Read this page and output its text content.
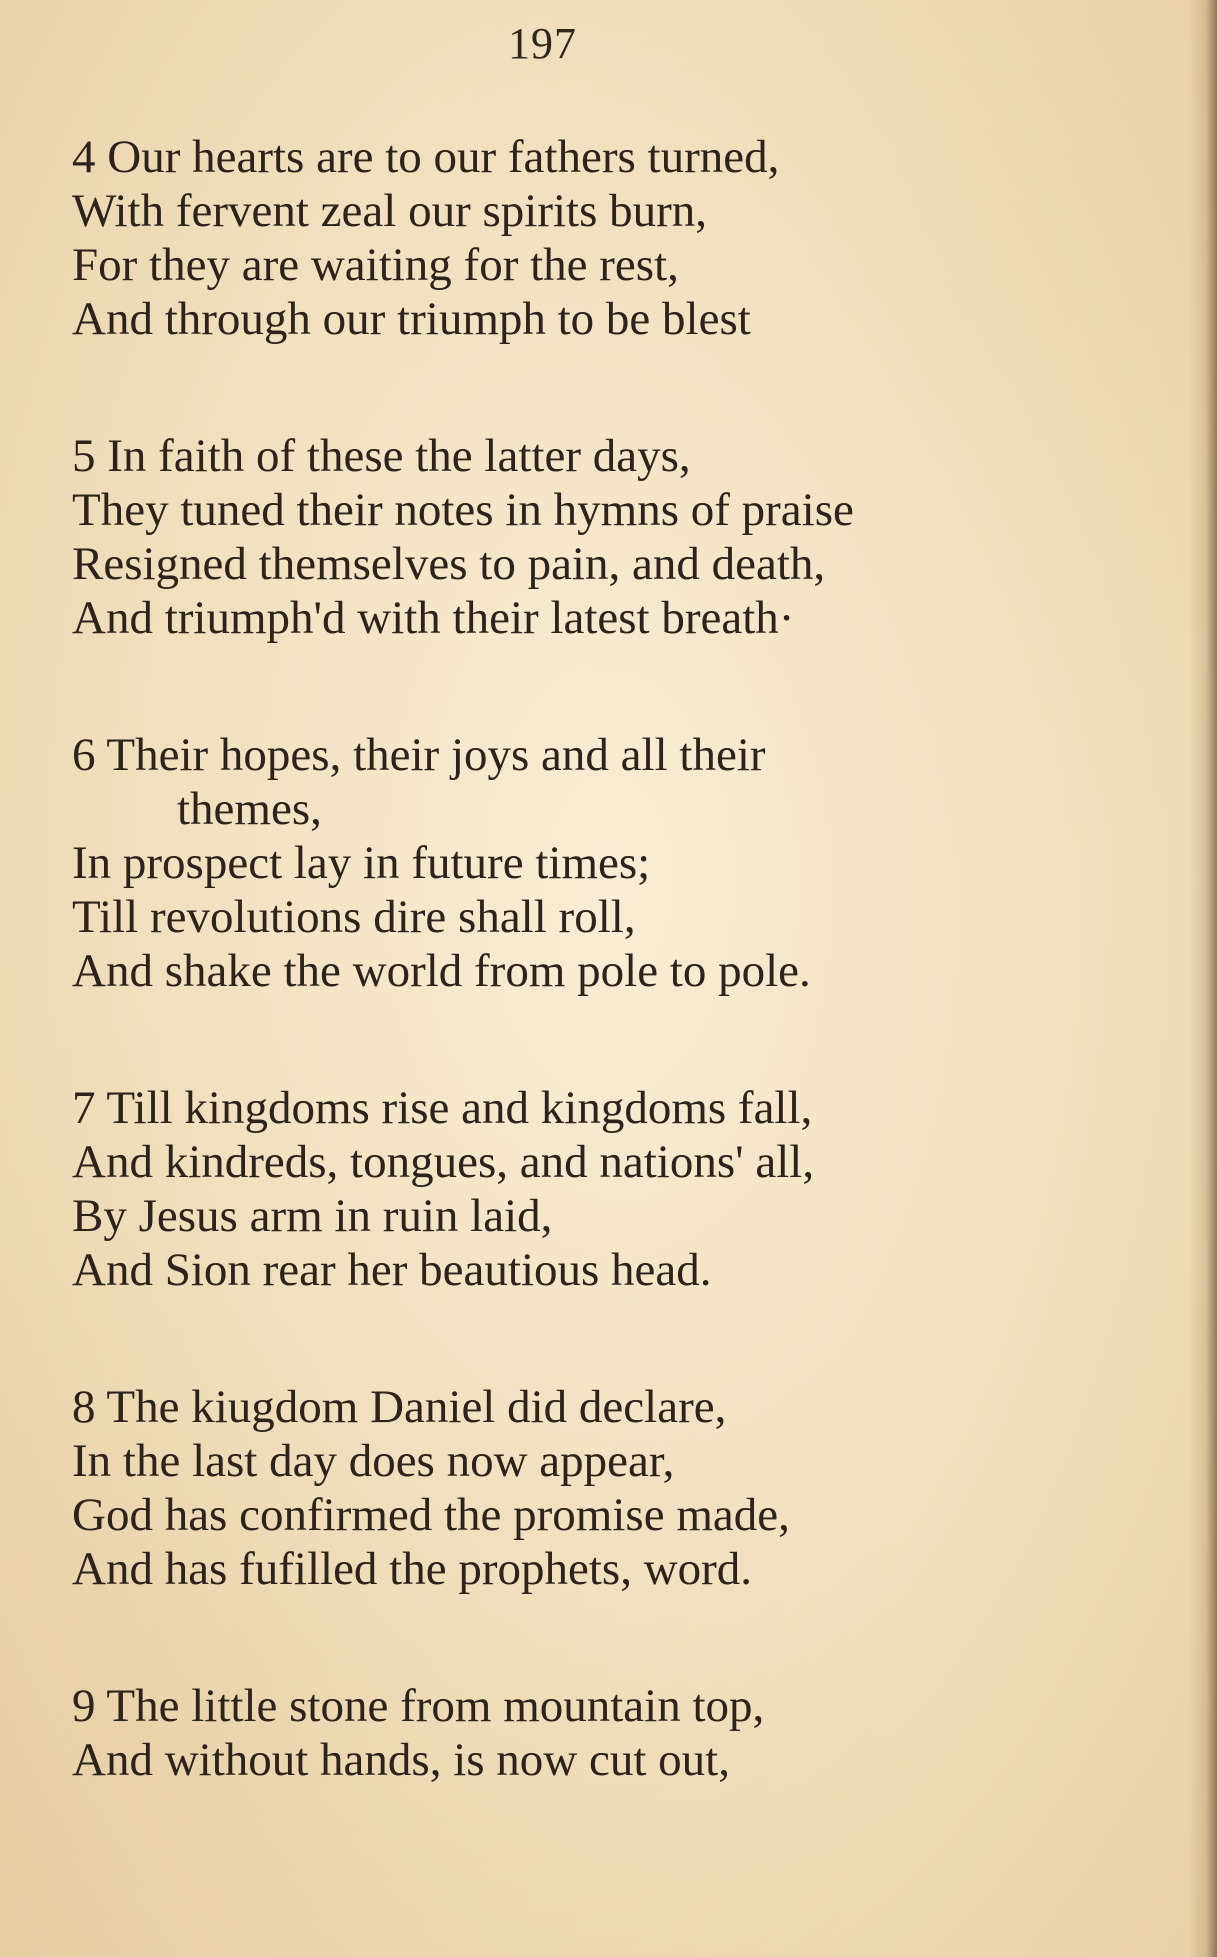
197
4 Our hearts are to our fathers turned,
With fervent zeal our spirits burn,
For they are waiting for the rest,
And through our triumph to be blest
5 In faith of these the latter days,
They tuned their notes in hymns of praise
Resigned themselves to pain, and death,
And triumph'd with their latest breath·
6 Their hopes, their joys and all their
themes,
In prospect lay in future times;
Till revolutions dire shall roll,
And shake the world from pole to pole.
7 Till kingdoms rise and kingdoms fall,
And kindreds, tongues, and nations' all,
By Jesus arm in ruin laid,
And Sion rear her beautious head.
8 The kiugdom Daniel did declare,
In the last day does now appear,
God has confirmed the promise made,
And has fufilled the prophets, word.
9 The little stone from mountain top,
And without hands, is now cut out,
